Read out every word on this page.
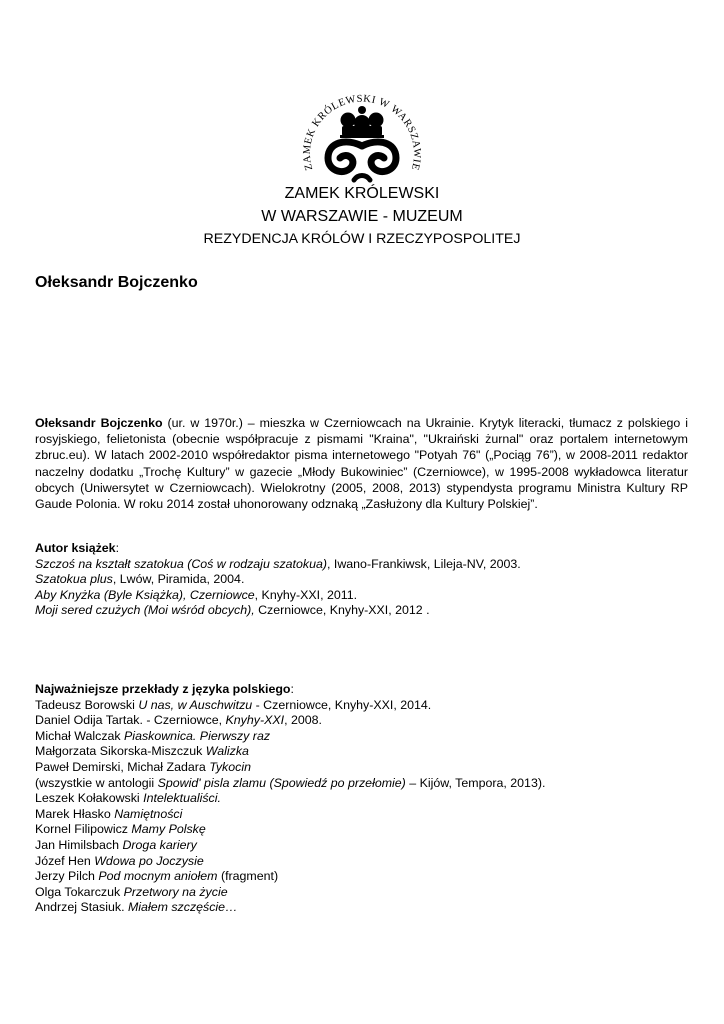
ZAMEK KRÓLEWSKI W WARSZAWIE
ZAMEK KRÓLEWSKI
W WARSZAWIE - MUZEUM
REZYDENCJA KRÓLÓW I RZECZYPOSPOLITEJ
Ołeksandr Bojczenko
Ołeksandr Bojczenko (ur. w 1970r.) – mieszka w Czerniowcach na Ukrainie. Krytyk literacki, tłumacz z polskiego i rosyjskiego, felietonista (obecnie współpracuje z pismami "Kraina", "Ukraiński żurnal" oraz portalem internetowym zbruc.eu). W latach 2002-2010 współredaktor pisma internetowego "Potyah 76" („Pociąg 76”), w 2008-2011 redaktor naczelny dodatku „Trochę Kultury” w gazecie „Młody Bukowiniec” (Czerniowce), w 1995-2008 wykładowca literatur obcych (Uniwersytet w Czerniowcach). Wielokrotny (2005, 2008, 2013) stypendysta programu Ministra Kultury RP Gaude Polonia. W roku 2014 został uhonorowany odznaką „Zasłużony dla Kultury Polskiej”.
Autor książek:
Szczoś na kształt szatokua (Coś w rodzaju szatokua), Iwano-Frankiwsk, Lileja-NV, 2003.
Szatokua plus, Lwów, Piramida, 2004.
Aby Knyżka (Byle Książka), Czerniowce, Knyhy-XXI, 2011.
Moji sered czużych (Moi wśród obcych), Czerniowce, Knyhy-XXI, 2012 .
Najważniejsze przekłady z języka polskiego:
Tadeusz Borowski U nas, w Auschwitzu - Czerniowce, Knyhy-XXI, 2014.
Daniel Odija Tartak. - Czerniowce, Knyhy-XXI, 2008.
Michał Walczak Piaskownica. Pierwszy raz
Małgorzata Sikorska-Miszczuk Walizka
Paweł Demirski, Michał Zadara Tykocin
(wszystkie w antologii Spowid' pisla zlamu (Spowiedź po przełomie) – Kijów, Tempora, 2013).
Leszek Kołakowski Intelektualiści.
Marek Hłasko Namiętności
Kornel Filipowicz Mamy Polskę
Jan Himilsbach Droga kariery
Józef Hen Wdowa po Joczysie
Jerzy Pilch Pod mocnym aniołem (fragment)
Olga Tokarczuk Przetwory na życie
Andrzej Stasiuk. Miałem szczęście…
